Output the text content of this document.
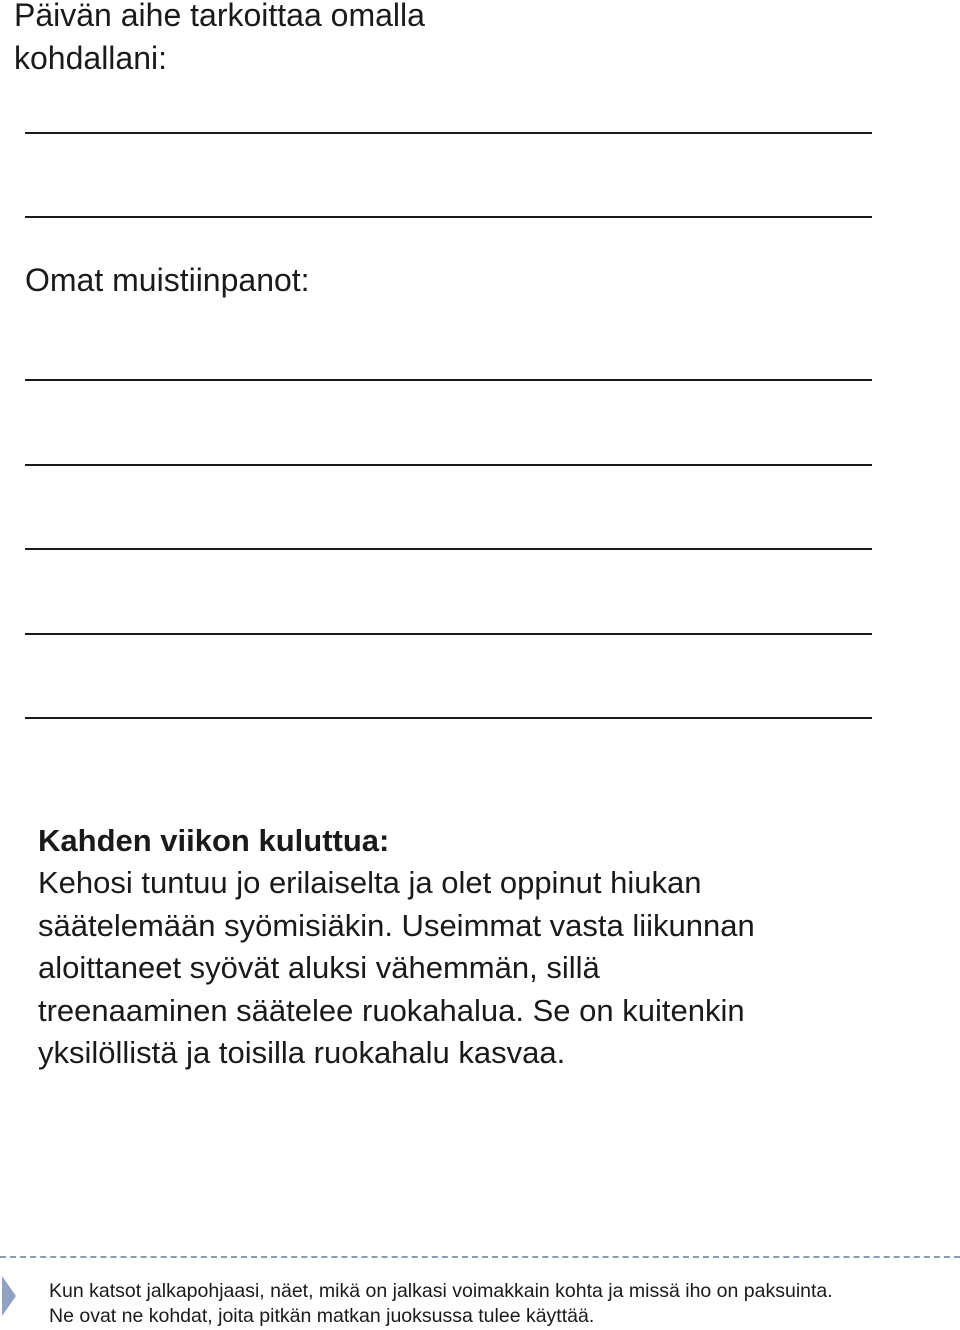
Päivän aihe tarkoittaa omalla kohdallani:
Omat muistiinpanot:

Kahden viikon kuluttua:

Kehosi tuntuu jo erilaiselta ja olet oppinut hiukan säätelemään syömisiäkin. Useimmat vasta liikunnan aloittaneet syövät aluksi vähemmän, sillä treenaaminen säätelee ruokahalua. Se on kuitenkin yksilöllistä ja toisilla ruokahalu kasvaa.

Kun katsot jalkapohjaasi, näet, mikä on jalkasi voimakkain kohta ja missä iho on paksuinta. Ne ovat ne kohdat, joita pitkän matkan juoksussa tulee käyttää.
